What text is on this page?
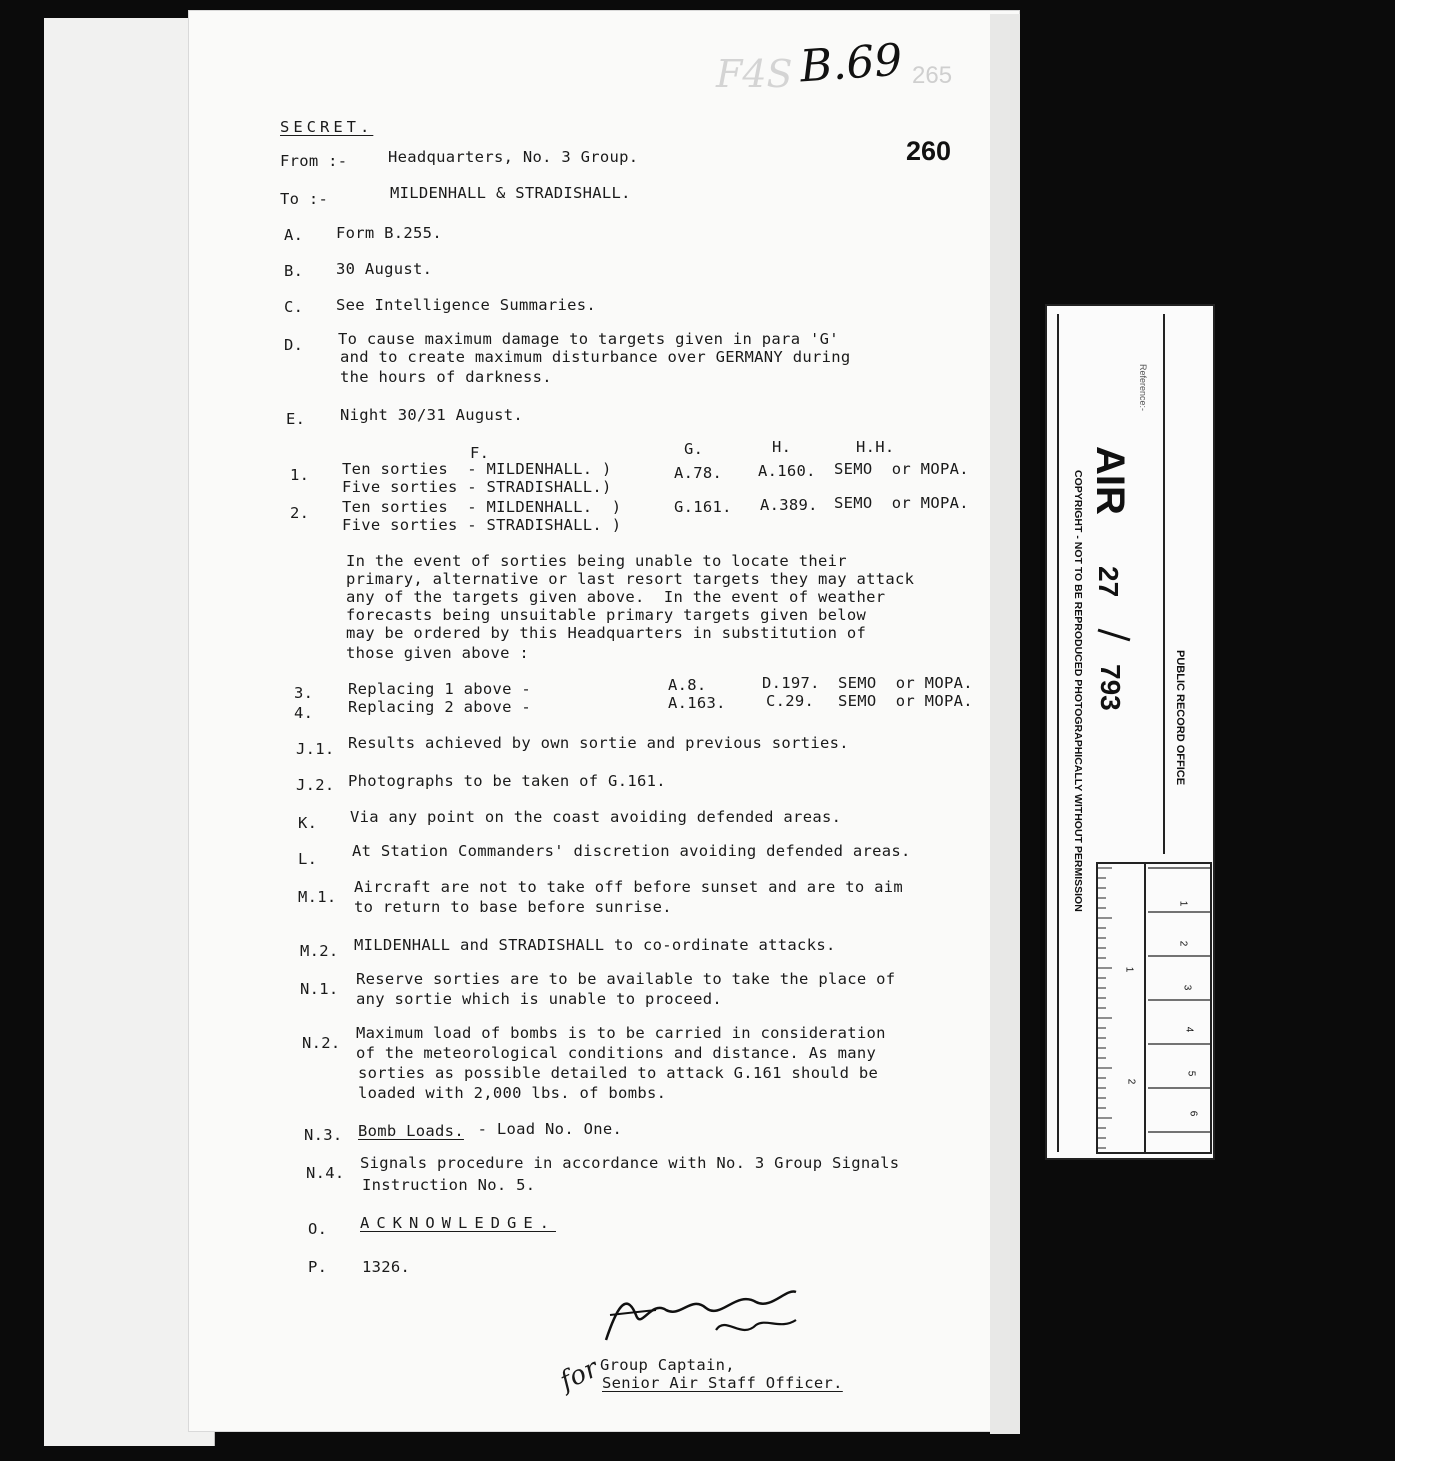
F4S	265
B.69
260
SECRET.
From :-	Headquarters, No. 3 Group.
To :-	MILDENHALL & STRADISHALL.
A. Form B.255.
B. 30 August.
C. See Intelligence Summaries.
D. To cause maximum damage to targets given in para 'G'
and to create maximum disturbance over GERMANY during
the hours of darkness.
E. Night 30/31 August.
F.	G.	H.	H.H.
1. Ten sorties  - MILDENHALL. )
Five sorties - STRADISHALL.)
A.78. A.160. SEMO  or MOPA.
2. Ten sorties  - MILDENHALL.  )
Five sorties - STRADISHALL. )
G.161. A.389. SEMO  or MOPA.
In the event of sorties being unable to locate their
primary, alternative or last resort targets they may attack
any of the targets given above.  In the event of weather
forecasts being unsuitable primary targets given below
may be ordered by this Headquarters in substitution of
those given above :
3. Replacing 1 above -	A.8.	D.197. SEMO  or MOPA.
4. Replacing 2 above -	A.163.	C.29. SEMO  or MOPA.
J.1. Results achieved by own sortie and previous sorties.
J.2. Photographs to be taken of G.161.
K. Via any point on the coast avoiding defended areas.
L. At Station Commanders' discretion avoiding defended areas.
M.1.
Aircraft are not to take off before sunset and are to aim
to return to base before sunrise.
M.2. MILDENHALL and STRADISHALL to co-ordinate attacks.
N.1.
Reserve sorties are to be available to take the place of
any sortie which is unable to proceed.
N.2.
Maximum load of bombs is to be carried in consideration
of the meteorological conditions and distance. As many
sorties as possible detailed to attack G.161 should be
loaded with 2,000 lbs. of bombs.
N.3. Bomb Loads. - Load No. One.
N.4.
Signals procedure in accordance with No. 3 Group Signals
Instruction No. 5.
O. ACKNOWLEDGE.
P. 1326.
for
Group Captain,
Senior Air Staff Officer.
PUBLIC RECORD OFFICE
Reference:-
AIR
27
793
COPYRIGHT - NOT TO BE REPRODUCED PHOTOGRAPHICALLY WITHOUT PERMISSION	1
2
3
4
5
6
1
2
